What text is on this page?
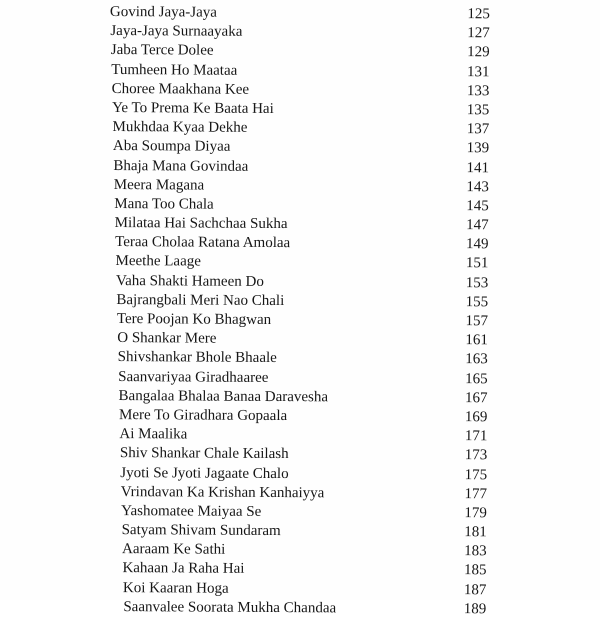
Govind Jaya-Jaya	125
Jaya-Jaya Surnaayaka	127
Jaba Terce Dolee	129
Tumheen Ho Maataa	131
Choree Maakhana Kee	133
Ye To Prema Ke Baata Hai	135
Mukhdaa Kyaa Dekhe	137
Aba Soumpa Diyaa	139
Bhaja Mana Govindaa	141
Meera Magana	143
Mana Too Chala	145
Milataa Hai Sachchaa Sukha	147
Teraa Cholaa Ratana Amolaa	149
Meethe Laage	151
Vaha Shakti Hameen Do	153
Bajrangbali Meri Nao Chali	155
Tere Poojan Ko Bhagwan	157
O Shankar Mere	161
Shivshankar Bhole Bhaale	163
Saanvariyaa Giradhaaree	165
Bangalaa Bhalaa Banaa Daravesha	167
Mere To Giradhara Gopaala	169
Ai Maalika	171
Shiv Shankar Chale Kailash	173
Jyoti Se Jyoti Jagaate Chalo	175
Vrindavan Ka Krishan Kanhaiyya	177
Yashomatee Maiyaa Se	179
Satyam Shivam Sundaram	181
Aaraam Ke Sathi	183
Kahaan Ja Raha Hai	185
Koi Kaaran Hoga	187
Saanvalee Soorata Mukha Chandaa	189
